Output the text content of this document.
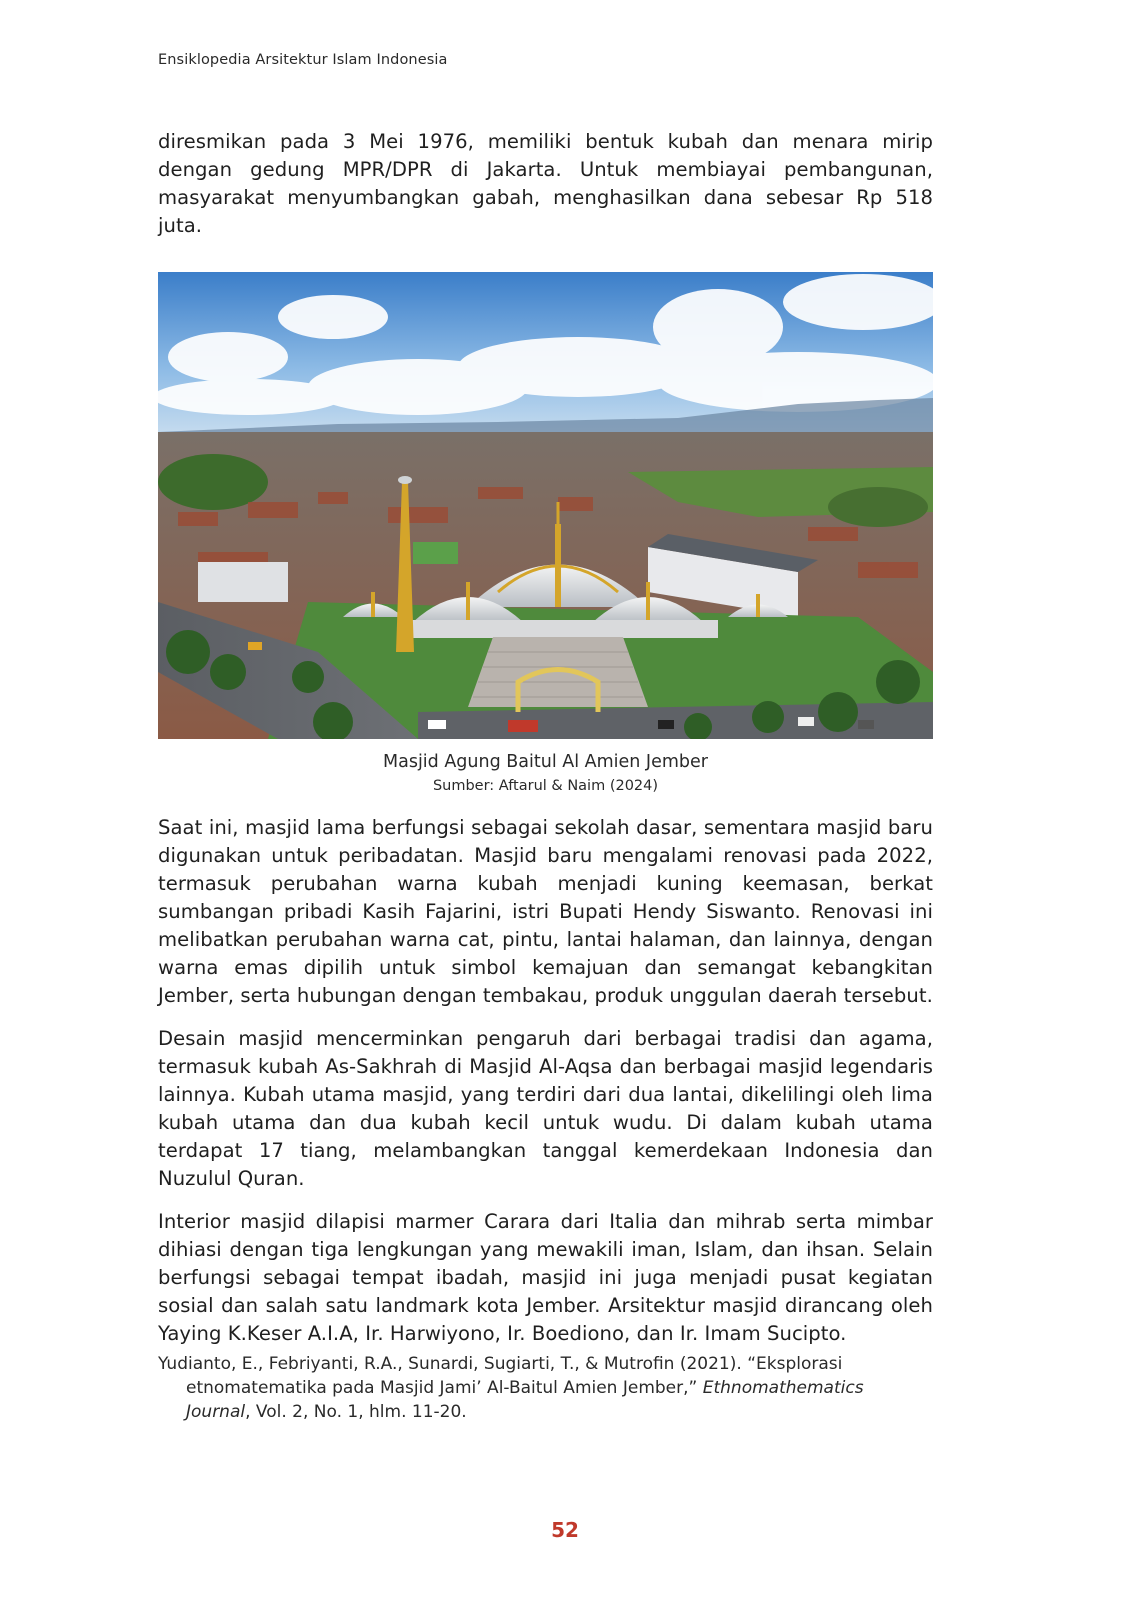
Ensiklopedia Arsitektur Islam Indonesia

diresmikan pada 3 Mei 1976, memiliki bentuk kubah dan menara mirip dengan gedung MPR/DPR di Jakarta. Untuk membiayai pembangunan, masyarakat menyumbangkan gabah, menghasilkan dana sebesar Rp 518 juta.

Masjid Agung Baitul Al Amien Jember
Sumber: Aftarul & Naim (2024)

Saat ini, masjid lama berfungsi sebagai sekolah dasar, sementara masjid baru digunakan untuk peribadatan. Masjid baru mengalami renovasi pada 2022, termasuk perubahan warna kubah menjadi kuning keemasan, berkat sumbangan pribadi Kasih Fajarini, istri Bupati Hendy Siswanto. Renovasi ini melibatkan perubahan warna cat, pintu, lantai halaman, dan lainnya, dengan warna emas dipilih untuk simbol kemajuan dan semangat kebangkitan Jember, serta hubungan dengan tembakau, produk unggulan daerah tersebut.

Desain masjid mencerminkan pengaruh dari berbagai tradisi dan agama, termasuk kubah As-Sakhrah di Masjid Al-Aqsa dan berbagai masjid legendaris lainnya. Kubah utama masjid, yang terdiri dari dua lantai, dikelilingi oleh lima kubah utama dan dua kubah kecil untuk wudu. Di dalam kubah utama terdapat 17 tiang, melambangkan tanggal kemerdekaan Indonesia dan Nuzulul Quran.

Interior masjid dilapisi marmer Carara dari Italia dan mihrab serta mimbar dihiasi dengan tiga lengkungan yang mewakili iman, Islam, dan ihsan. Selain berfungsi sebagai tempat ibadah, masjid ini juga menjadi pusat kegiatan sosial dan salah satu landmark kota Jember. Arsitektur masjid dirancang oleh Yaying K.Keser A.I.A, Ir. Harwiyono, Ir. Boediono, dan Ir. Imam Sucipto.

Yudianto, E., Febriyanti, R.A., Sunardi, Sugiarti, T., & Mutrofin (2021). “Eksplorasi etnomatematika pada Masjid Jami’ Al-Baitul Amien Jember,” Ethnomathematics Journal, Vol. 2, No. 1, hlm. 11-20.
52
